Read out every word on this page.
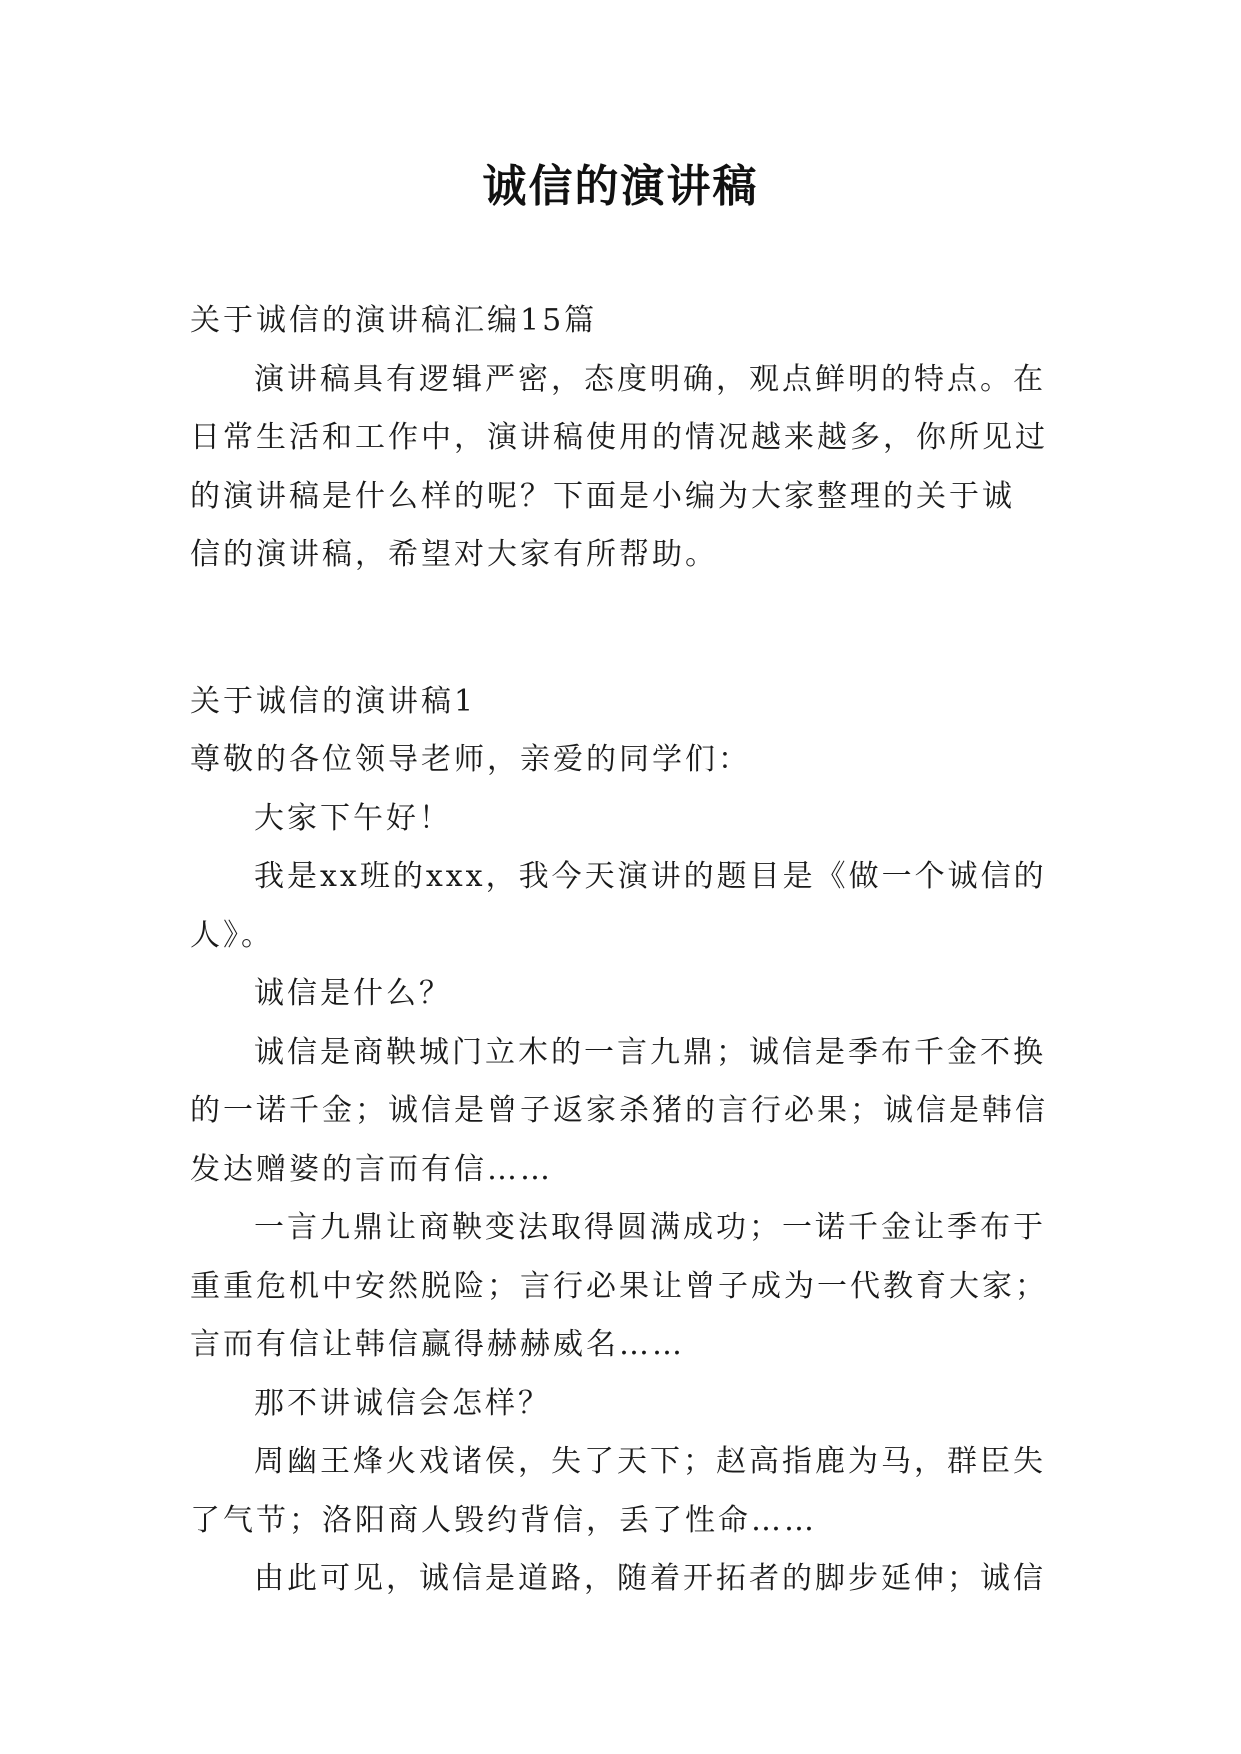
诚信的演讲稿
关于诚信的演讲稿汇编15篇
演讲稿具有逻辑严密，态度明确，观点鲜明的特点。在
日常生活和工作中，演讲稿使用的情况越来越多，你所见过
的演讲稿是什么样的呢？下面是小编为大家整理的关于诚
信的演讲稿，希望对大家有所帮助。
关于诚信的演讲稿1
尊敬的各位领导老师，亲爱的同学们：
大家下午好！
我是xx班的xxx，我今天演讲的题目是《做一个诚信的
人》。
诚信是什么？
诚信是商鞅城门立木的一言九鼎；诚信是季布千金不换
的一诺千金；诚信是曾子返家杀猪的言行必果；诚信是韩信
发达赠婆的言而有信……
一言九鼎让商鞅变法取得圆满成功；一诺千金让季布于
重重危机中安然脱险；言行必果让曾子成为一代教育大家；
言而有信让韩信赢得赫赫威名……
那不讲诚信会怎样？
周幽王烽火戏诸侯，失了天下；赵高指鹿为马，群臣失
了气节；洛阳商人毁约背信，丢了性命……
由此可见，诚信是道路，随着开拓者的脚步延伸；诚信
